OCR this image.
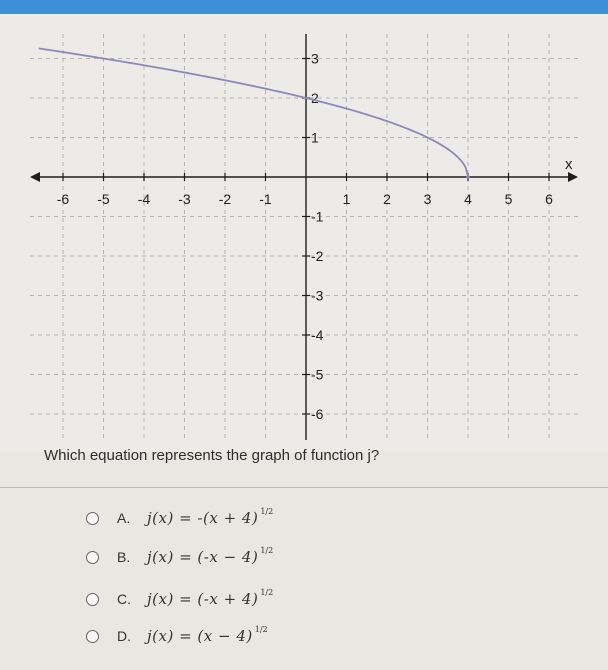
x
-6 -5 -4 -3 -2 -1	1 2 3 4 5 6
3
2
1
-1
-2
-3
-4
-5
-6
Which equation represents the graph of function j?
A.	j(x) = -(x + 4) 1/2
B.	j(x) = (-x − 4) 1/2
C.	j(x) = (-x + 4) 1/2
D.	j(x) = (x − 4) 1/2
